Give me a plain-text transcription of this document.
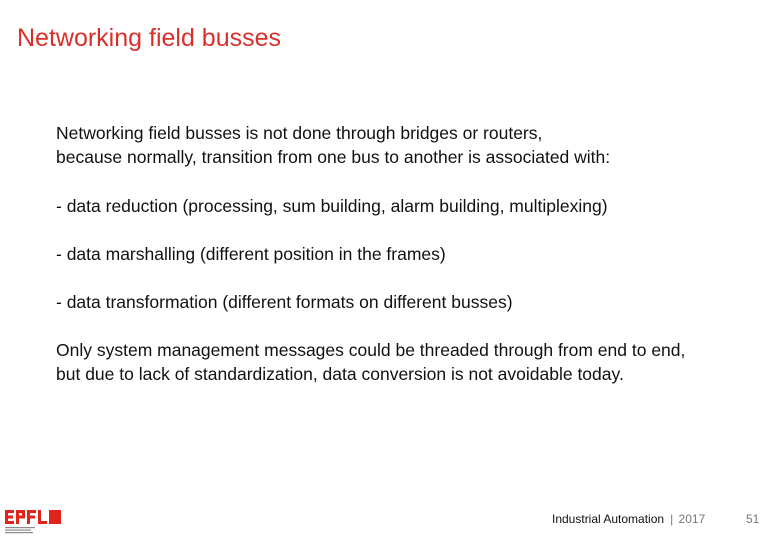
Networking field busses

Networking field busses is not done through bridges or routers,
because normally, transition from one bus to another is associated with:

- data reduction (processing, sum building, alarm building, multiplexing)

- data marshalling (different position in the frames)

- data transformation (different formats on different busses)

Only system management messages could be threaded through from end to end,
but due to lack of standardization, data conversion is not avoidable today.

Industrial Automation | 2017	51
